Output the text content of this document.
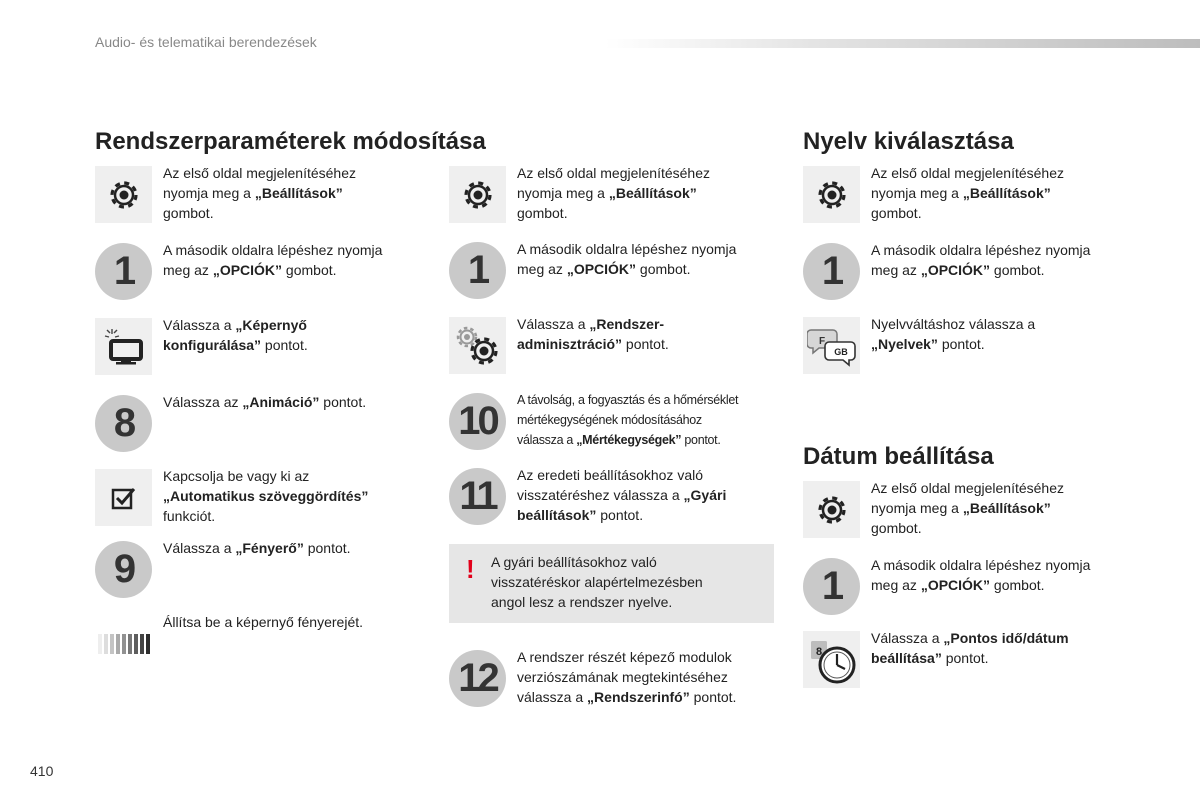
Audio- és telematikai berendezések
Rendszerparaméterek módosítása	Nyelv kiválasztása
Dátum beállítása
Az első oldal megjelenítéséhez
nyomja meg a „Beállítások”
gombot.
1	A második oldalra lépéshez nyomja
meg az „OPCIÓK” gombot.
Válassza a „Képernyő
konfigurálása” pontot.
8	Válassza az „Animáció” pontot.
Kapcsolja be vagy ki az
„Automatikus szöveggördítés”
funkciót.
9	Válassza a „Fényerő” pontot.
Állítsa be a képernyő fényerejét.
Az első oldal megjelenítéséhez
nyomja meg a „Beállítások”
gombot.
1	A második oldalra lépéshez nyomja
meg az „OPCIÓK” gombot.
Válassza a „Rendszer-
adminisztráció” pontot.
10	A távolság, a fogyasztás és a hőmérséklet
mértékegységének módosításához
válassza a „Mértékegységek” pontot.
11	Az eredeti beállításokhoz való
visszatéréshez válassza a „Gyári
beállítások” pontot.
! A gyári beállításokhoz való
visszatéréskor alapértelmezésben
angol lesz a rendszer nyelve.
12	A rendszer részét képező modulok
verziószámának megtekintéséhez
válassza a „Rendszerinfó” pontot.
Az első oldal megjelenítéséhez
nyomja meg a „Beállítások”
gombot.
1	A második oldalra lépéshez nyomja
meg az „OPCIÓK” gombot.
F
GB
Nyelvváltáshoz válassza a
„Nyelvek” pontot.
Az első oldal megjelenítéséhez
nyomja meg a „Beállítások”
gombot.
1	A második oldalra lépéshez nyomja
meg az „OPCIÓK” gombot.
8
Válassza a „Pontos idő/dátum
beállítása” pontot.
410
